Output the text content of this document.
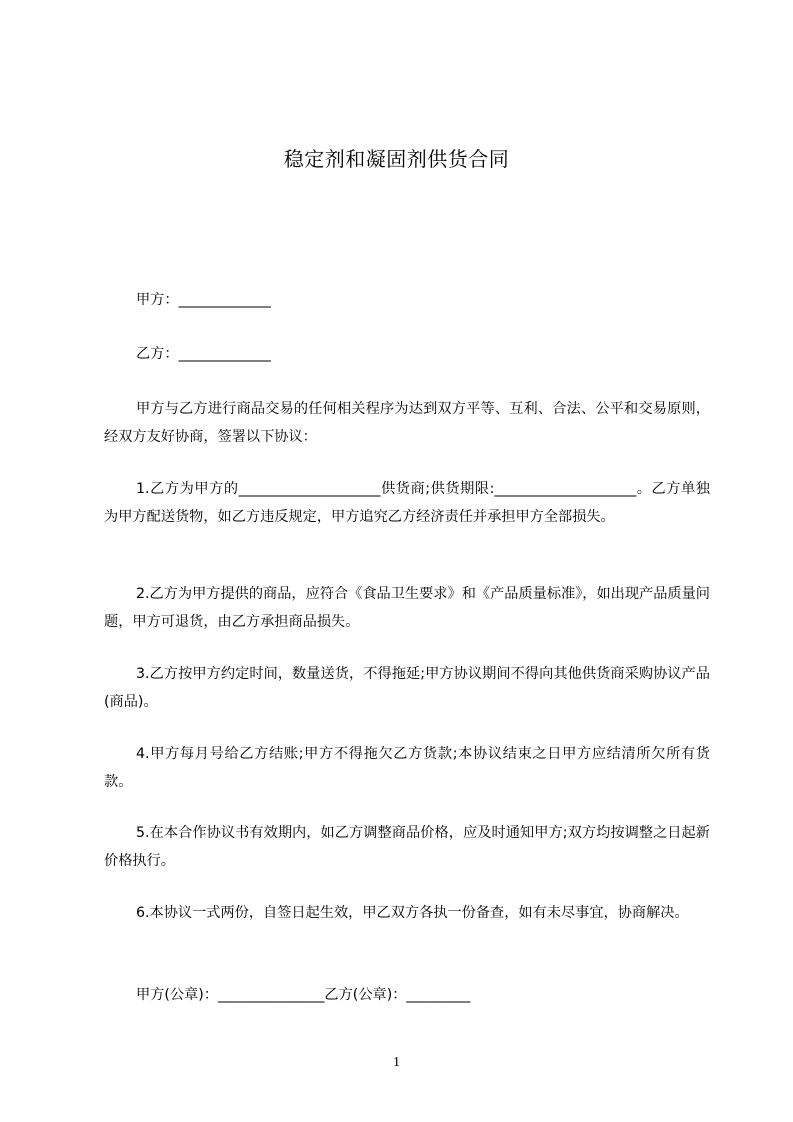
稳定剂和凝固剂供货合同
甲方：_____________
乙方：_____________
甲方与乙方进行商品交易的任何相关程序为达到双方平等、互利、合法、公平和交易原则，经双方友好协商，签署以下协议：
1.乙方为甲方的____________________供货商;供货期限:____________________。乙方单独为甲方配送货物，如乙方违反规定，甲方追究乙方经济责任并承担甲方全部损失。
2.乙方为甲方提供的商品，应符合《食品卫生要求》和《产品质量标准》，如出现产品质量问题，甲方可退货，由乙方承担商品损失。
3.乙方按甲方约定时间，数量送货，不得拖延;甲方协议期间不得向其他供货商采购协议产品(商品)。
4.甲方每月号给乙方结账;甲方不得拖欠乙方货款;本协议结束之日甲方应结清所欠所有货款。
5.在本合作协议书有效期内，如乙方调整商品价格，应及时通知甲方;双方均按调整之日起新价格执行。
6.本协议一式两份，自签日起生效，甲乙双方各执一份备查，如有未尽事宜，协商解决。
甲方(公章)：_______________乙方(公章)：_________
1
